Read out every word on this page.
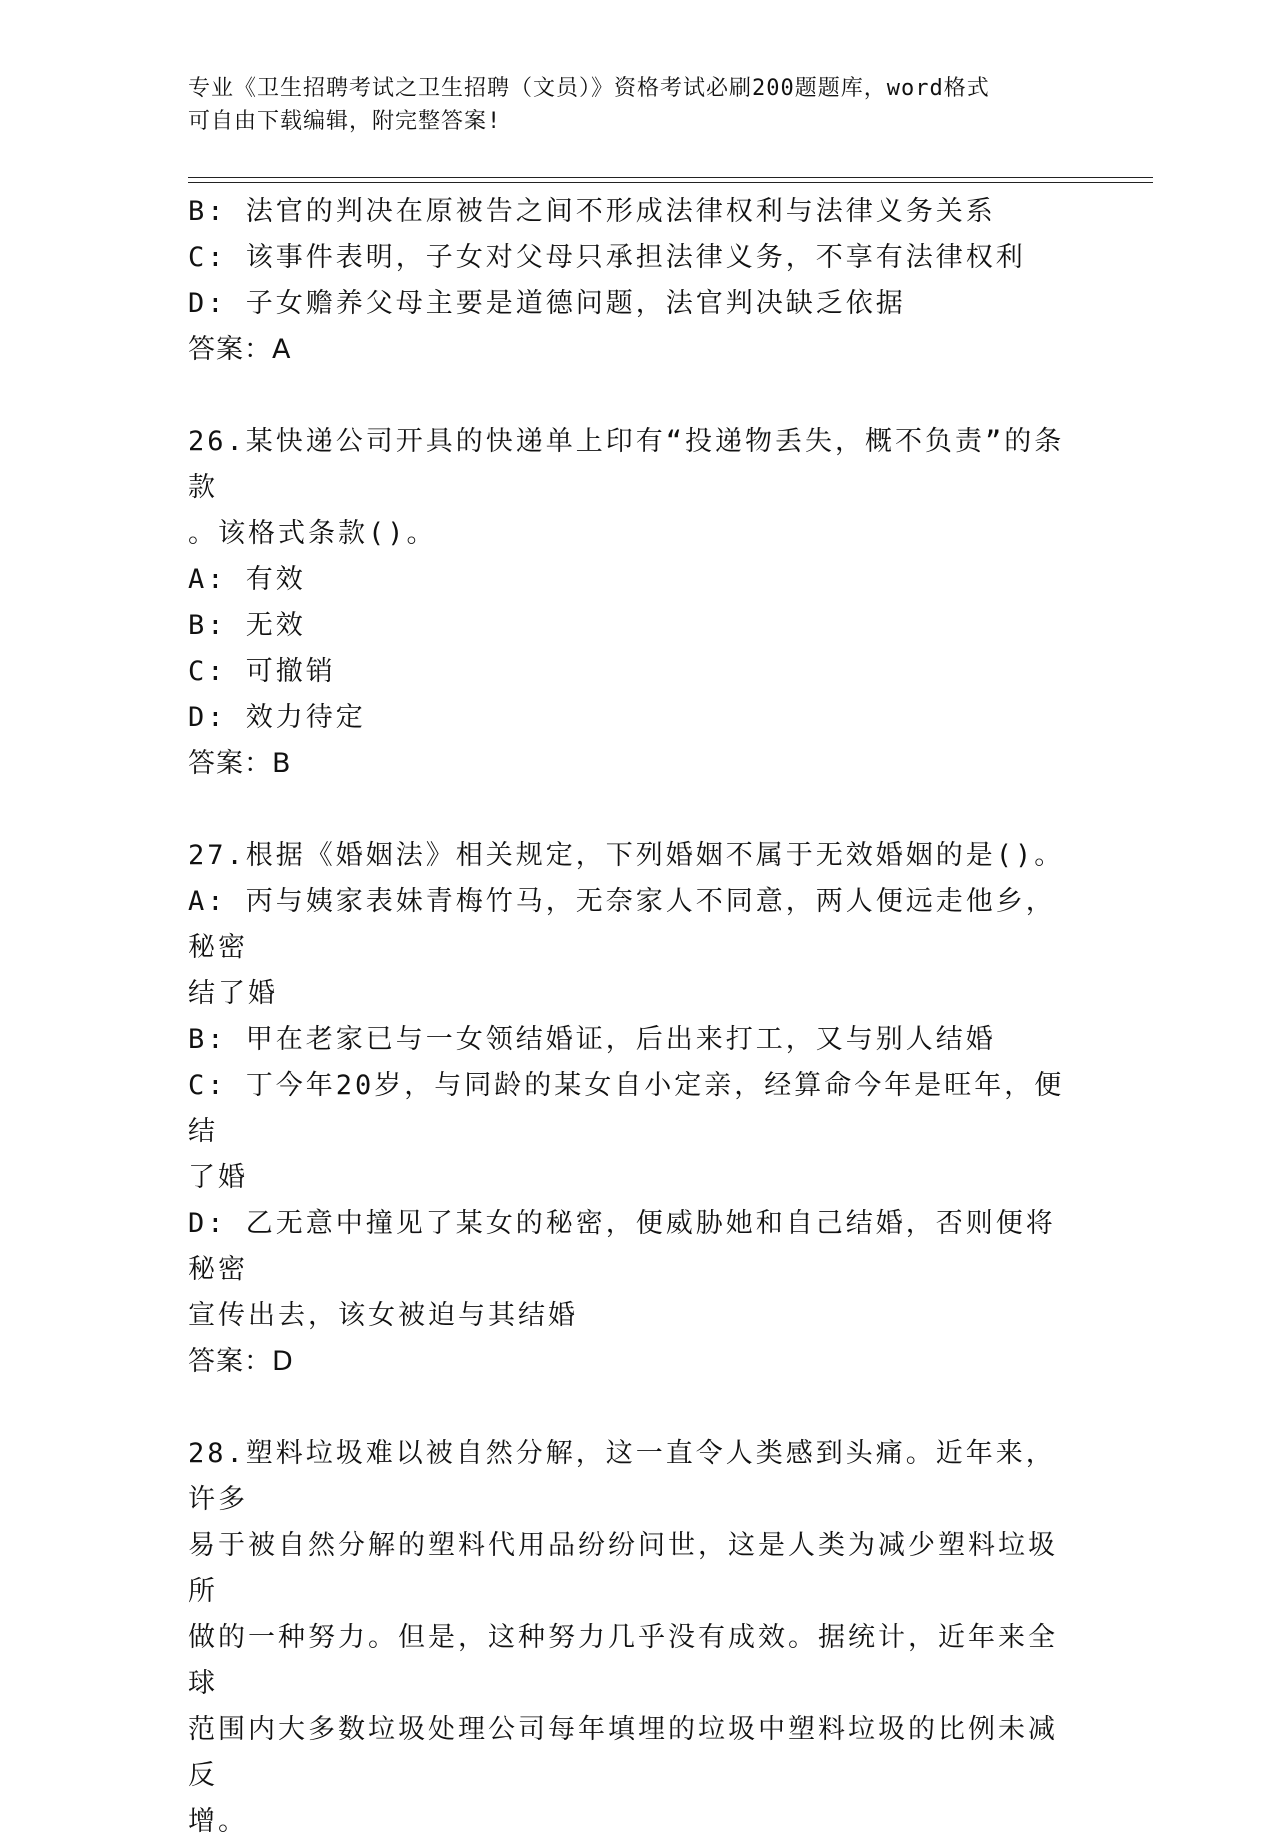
专业《卫生招聘考试之卫生招聘（文员）》资格考试必刷200题题库，word格式
可自由下载编辑，附完整答案!
B: 法官的判决在原被告之间不形成法律权利与法律义务关系
C: 该事件表明，子女对父母只承担法律义务，不享有法律权利
D: 子女赡养父母主要是道德问题，法官判决缺乏依据
答案：A
26.某快递公司开具的快递单上印有“投递物丢失，概不负责”的条款
。该格式条款()。
A: 有效
B: 无效
C: 可撤销
D: 效力待定
答案：B
27.根据《婚姻法》相关规定，下列婚姻不属于无效婚姻的是()。
A: 丙与姨家表妹青梅竹马，无奈家人不同意，两人便远走他乡，秘密
结了婚
B: 甲在老家已与一女领结婚证，后出来打工，又与别人结婚
C: 丁今年20岁，与同龄的某女自小定亲，经算命今年是旺年，便结
了婚
D: 乙无意中撞见了某女的秘密，便威胁她和自己结婚，否则便将秘密
宣传出去，该女被迫与其结婚
答案：D
28.塑料垃圾难以被自然分解，这一直令人类感到头痛。近年来，许多
易于被自然分解的塑料代用品纷纷问世，这是人类为减少塑料垃圾所
做的一种努力。但是，这种努力几乎没有成效。据统计，近年来全球
范围内大多数垃圾处理公司每年填埋的垃圾中塑料垃圾的比例未减反
增。
